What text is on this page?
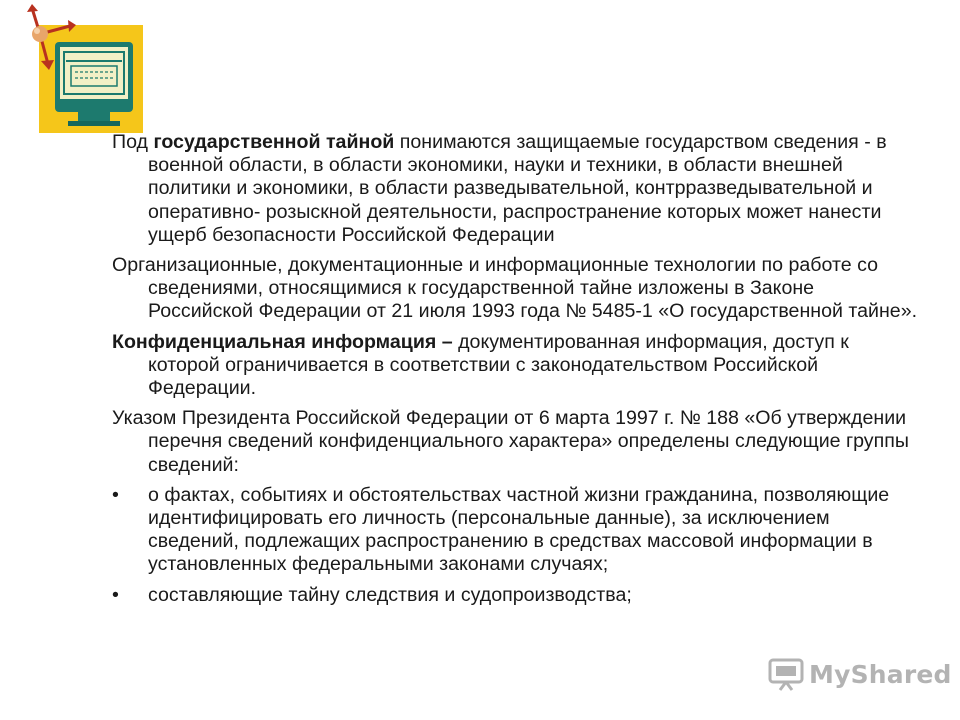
Под государственной тайной понимаются защищаемые государством сведения - в военной области, в области экономики, науки и техники, в области внешней политики и экономики, в области разведывательной, контрразведывательной и оперативно- розыскной деятельности, распространение которых может нанести ущерб безопасности Российской Федерации

Организационные, документационные и информационные технологии по работе со сведениями, относящимися к государственной тайне изложены в Законе Российской Федерации от 21 июля 1993 года № 5485-1 «О государственной тайне».

Конфиденциальная информация – документированная информация, доступ к которой ограничивается в соответствии с законодательством Российской Федерации.

Указом Президента Российской Федерации от 6 марта 1997 г. № 188 «Об утверждении перечня сведений конфиденциального характера» определены следующие группы сведений:

• о фактах, событиях и обстоятельствах частной жизни гражданина, позволяющие идентифицировать его личность (персональные данные), за исключением сведений, подлежащих распространению в средствах массовой информации в установленных федеральными законами случаях;
• составляющие тайну следствия и судопроизводства;
MyShared
